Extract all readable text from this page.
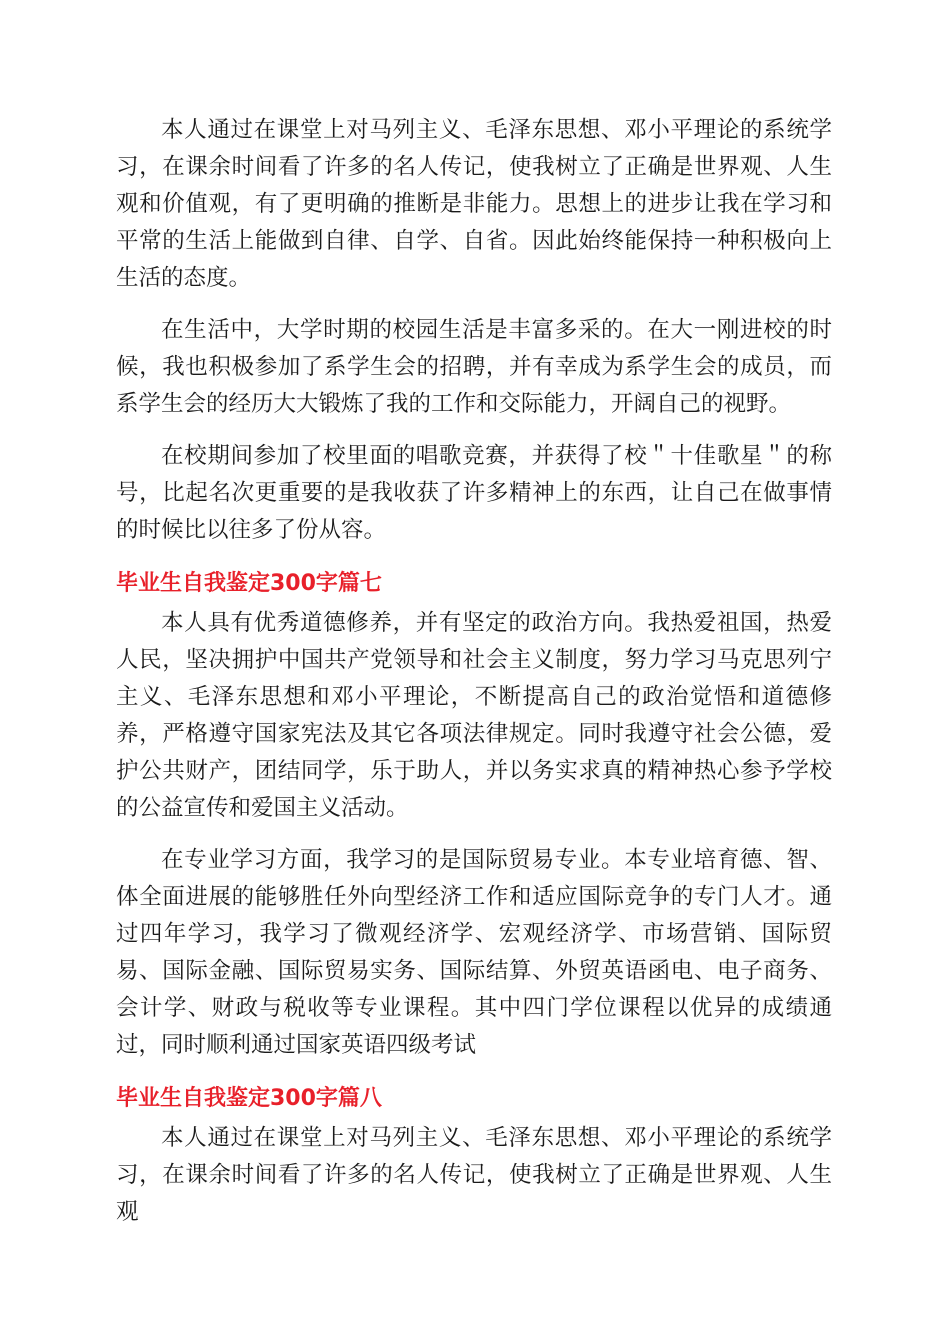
本人通过在课堂上对马列主义、毛泽东思想、邓小平理论的系统学习，在课余时间看了许多的名人传记，使我树立了正确是世界观、人生观和价值观，有了更明确的推断是非能力。思想上的进步让我在学习和平常的生活上能做到自律、自学、自省。因此始终能保持一种积极向上生活的态度。

在生活中，大学时期的校园生活是丰富多采的。在大一刚进校的时候，我也积极参加了系学生会的招聘，并有幸成为系学生会的成员，而系学生会的经历大大锻炼了我的工作和交际能力，开阔自己的视野。

在校期间参加了校里面的唱歌竞赛，并获得了校＂十佳歌星＂的称号，比起名次更重要的是我收获了许多精神上的东西，让自己在做事情的时候比以往多了份从容。

毕业生自我鉴定300字篇七

本人具有优秀道德修养，并有坚定的政治方向。我热爱祖国，热爱人民，坚决拥护中国共产党领导和社会主义制度，努力学习马克思列宁主义、毛泽东思想和邓小平理论，不断提高自己的政治觉悟和道德修养，严格遵守国家宪法及其它各项法律规定。同时我遵守社会公德，爱护公共财产，团结同学，乐于助人，并以务实求真的精神热心参予学校的公益宣传和爱国主义活动。

在专业学习方面，我学习的是国际贸易专业。本专业培育德、智、体全面进展的能够胜任外向型经济工作和适应国际竞争的专门人才。通过四年学习，我学习了微观经济学、宏观经济学、市场营销、国际贸易、国际金融、国际贸易实务、国际结算、外贸英语函电、电子商务、会计学、财政与税收等专业课程。其中四门学位课程以优异的成绩通过，同时顺利通过国家英语四级考试

毕业生自我鉴定300字篇八

本人通过在课堂上对马列主义、毛泽东思想、邓小平理论的系统学习，在课余时间看了许多的名人传记，使我树立了正确是世界观、人生观
